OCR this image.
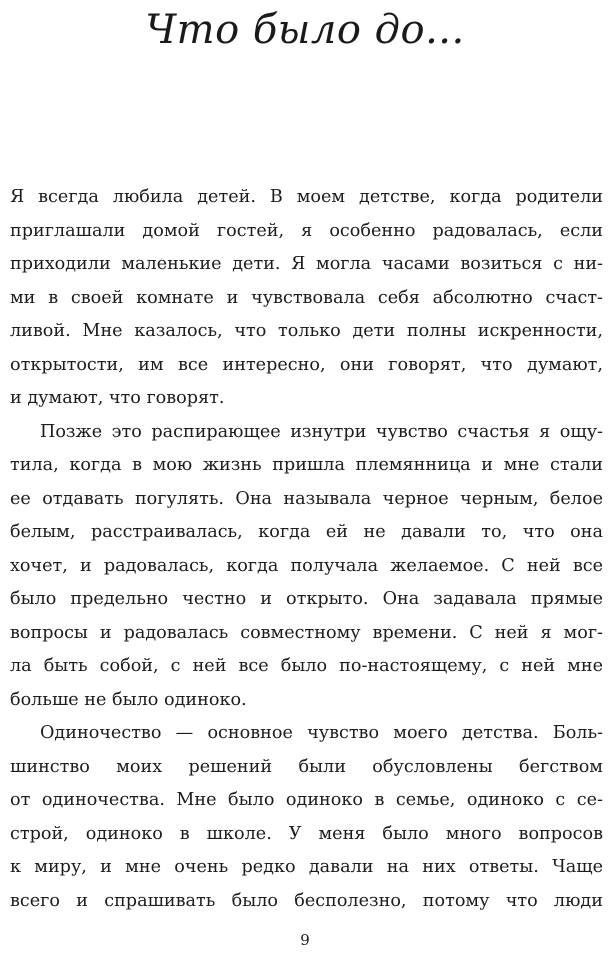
Что было до...
Я всегда любила детей. В моем детстве, когда родители
приглашали домой гостей, я особенно радовалась, если
приходили маленькие дети. Я могла часами возиться с ни-
ми в своей комнате и чувствовала себя абсолютно счаст-
ливой. Мне казалось, что только дети полны искренности,
открытости, им все интересно, они говорят, что думают,
и думают, что говорят.
Позже это распирающее изнутри чувство счастья я ощу-
тила, когда в мою жизнь пришла племянница и мне стали
ее отдавать погулять. Она называла черное черным, белое
белым, расстраивалась, когда ей не давали то, что она
хочет, и радовалась, когда получала желаемое. С ней все
было предельно честно и открыто. Она задавала прямые
вопросы и радовалась совместному времени. С ней я мог-
ла быть собой, с ней все было по-настоящему, с ней мне
больше не было одиноко.
Одиночество — основное чувство моего детства. Боль-
шинство моих решений были обусловлены бегством
от одиночества. Мне было одиноко в семье, одиноко с се-
строй, одиноко в школе. У меня было много вопросов
к миру, и мне очень редко давали на них ответы. Чаще
всего и спрашивать было бесполезно, потому что люди
9
